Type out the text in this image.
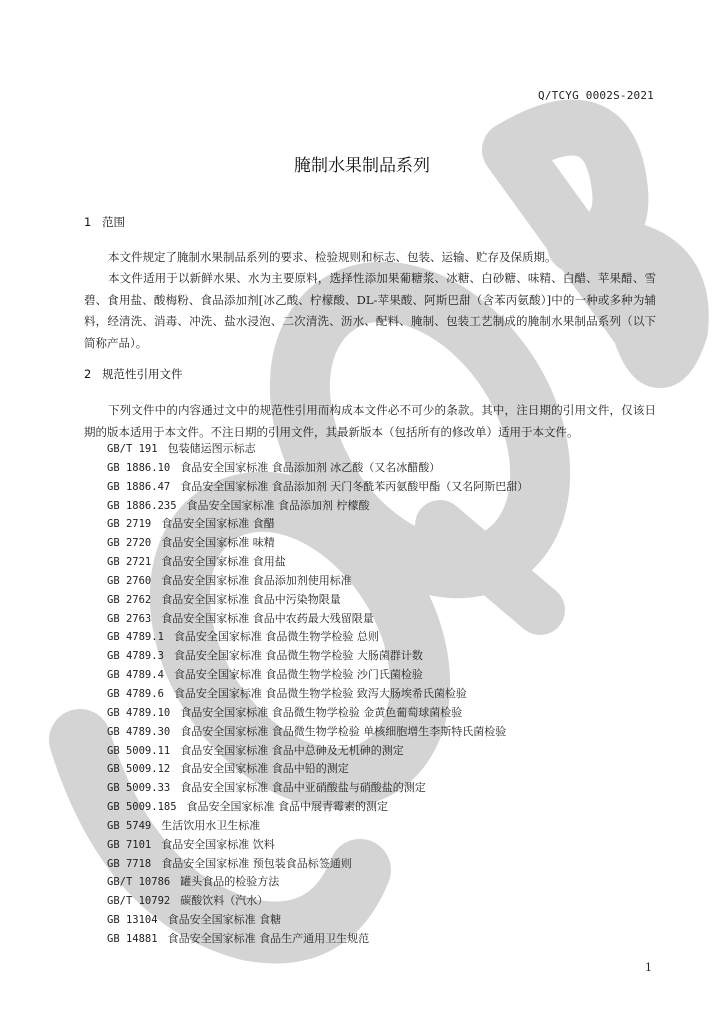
Q/TCYG 0002S-2021
腌制水果制品系列
1 范围

本文件规定了腌制水果制品系列的要求、检验规则和标志、包装、运输、贮存及保质期。

本文件适用于以新鲜水果、水为主要原料，选择性添加果葡糖浆、冰糖、白砂糖、味精、白醋、苹果醋、雪碧、食用盐、酸梅粉、食品添加剂[冰乙酸、柠檬酸、DL-苹果酸、阿斯巴甜（含苯丙氨酸）]中的一种或多种为辅料，经清洗、消毒、冲洗、盐水浸泡、二次清洗、沥水、配料、腌制、包装工艺制成的腌制水果制品系列（以下简称产品）。

2 规范性引用文件

下列文件中的内容通过文中的规范性引用而构成本文件必不可少的条款。其中，注日期的引用文件，仅该日期的版本适用于本文件。不注日期的引用文件，其最新版本（包括所有的修改单）适用于本文件。

GB/T 191 包装储运图示标志
GB 1886.10 食品安全国家标准 食品添加剂 冰乙酸（又名冰醋酸）
GB 1886.47 食品安全国家标准 食品添加剂 天门冬酰苯丙氨酸甲酯（又名阿斯巴甜）
GB 1886.235 食品安全国家标准 食品添加剂 柠檬酸
GB 2719 食品安全国家标准 食醋
GB 2720 食品安全国家标准 味精
GB 2721 食品安全国家标准 食用盐
GB 2760 食品安全国家标准 食品添加剂使用标准
GB 2762 食品安全国家标准 食品中污染物限量
GB 2763 食品安全国家标准 食品中农药最大残留限量
GB 4789.1 食品安全国家标准 食品微生物学检验 总则
GB 4789.3 食品安全国家标准 食品微生物学检验 大肠菌群计数
GB 4789.4 食品安全国家标准 食品微生物学检验 沙门氏菌检验
GB 4789.6 食品安全国家标准 食品微生物学检验 致泻大肠埃希氏菌检验
GB 4789.10 食品安全国家标准 食品微生物学检验 金黄色葡萄球菌检验
GB 4789.30 食品安全国家标准 食品微生物学检验 单核细胞增生李斯特氏菌检验
GB 5009.11 食品安全国家标准 食品中总砷及无机砷的测定
GB 5009.12 食品安全国家标准 食品中铅的测定
GB 5009.33 食品安全国家标准 食品中亚硝酸盐与硝酸盐的测定
GB 5009.185 食品安全国家标准 食品中展青霉素的测定
GB 5749 生活饮用水卫生标准
GB 7101 食品安全国家标准 饮料
GB 7718 食品安全国家标准 预包装食品标签通则
GB/T 10786 罐头食品的检验方法
GB/T 10792 碳酸饮料（汽水）
GB 13104 食品安全国家标准 食糖
GB 14881 食品安全国家标准 食品生产通用卫生规范
1
